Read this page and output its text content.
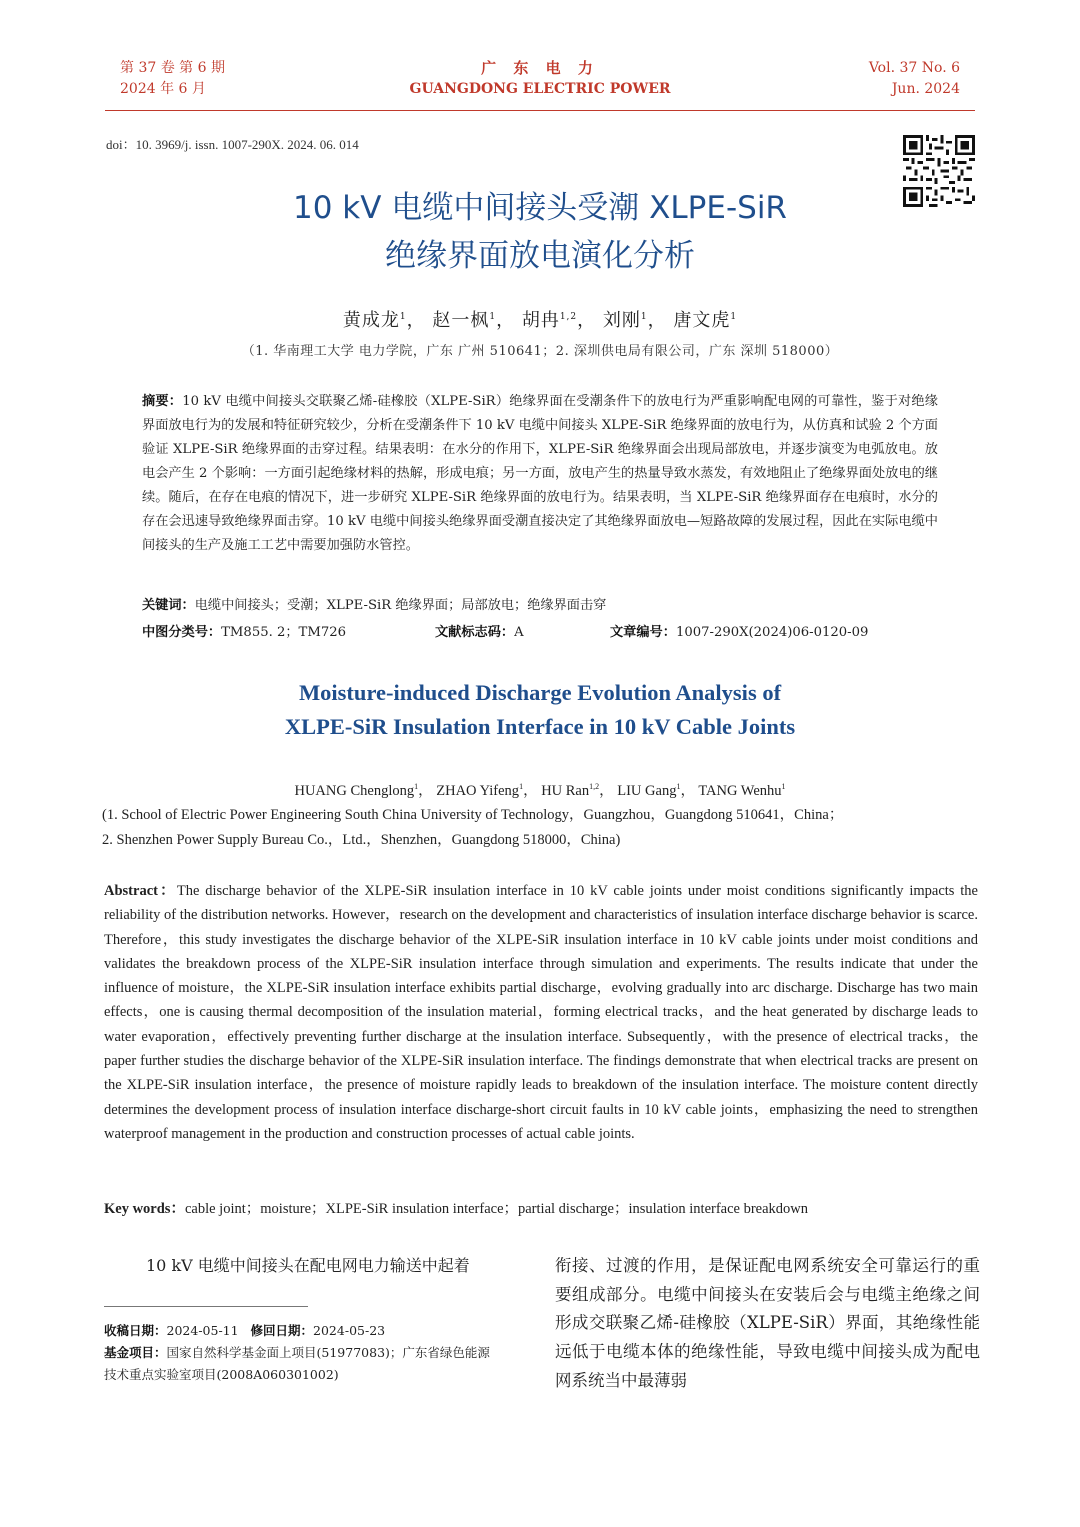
第 37 卷 第 6 期
2024 年 6 月
广 东 电 力
GUANGDONG ELECTRIC POWER
Vol. 37 No. 6
Jun. 2024
doi：10. 3969/j. issn. 1007-290X. 2024. 06. 014
10 kV 电缆中间接头受潮 XLPE-SiR
绝缘界面放电演化分析
黄成龙$^1$， 赵一枫$^1$， 胡冉$^{1,2}$， 刘刚$^1$， 唐文虎$^1$
（1. 华南理工大学 电力学院，广东 广州 510641；2. 深圳供电局有限公司，广东 深圳 518000）
摘要：10 kV 电缆中间接头交联聚乙烯-硅橡胶（XLPE-SiR）绝缘界面在受潮条件下的放电行为严重影响配电网的可靠性，鉴于对绝缘界面放电行为的发展和特征研究较少，分析在受潮条件下 10 kV 电缆中间接头 XLPE-SiR 绝缘界面的放电行为，从仿真和试验 2 个方面验证 XLPE-SiR 绝缘界面的击穿过程。结果表明：在水分的作用下，XLPE-SiR 绝缘界面会出现局部放电，并逐步演变为电弧放电。放电会产生 2 个影响：一方面引起绝缘材料的热解，形成电痕；另一方面，放电产生的热量导致水蒸发，有效地阻止了绝缘界面处放电的继续。随后，在存在电痕的情况下，进一步研究 XLPE-SiR 绝缘界面的放电行为。结果表明，当 XLPE-SiR 绝缘界面存在电痕时，水分的存在会迅速导致绝缘界面击穿。10 kV 电缆中间接头绝缘界面受潮直接决定了其绝缘界面放电—短路故障的发展过程，因此在实际电缆中间接头的生产及施工工艺中需要加强防水管控。
关键词：电缆中间接头；受潮；XLPE-SiR 绝缘界面；局部放电；绝缘界面击穿
中图分类号：TM855. 2；TM726	文献标志码：A	文章编号：1007-290X(2024)06-0120-09
Moisture-induced Discharge Evolution Analysis of
XLPE-SiR Insulation Interface in 10 kV Cable Joints
HUANG Chenglong$^1$， ZHAO Yifeng$^1$， HU Ran$^{1,2}$， LIU Gang$^1$， TANG Wenhu$^1$
(1. School of Electric Power Engineering South China University of Technology，Guangzhou，Guangdong 510641，China；
2. Shenzhen Power Supply Bureau Co.，Ltd.，Shenzhen，Guangdong 518000，China)
Abstract：The discharge behavior of the XLPE-SiR insulation interface in 10 kV cable joints under moist conditions significantly impacts the reliability of the distribution networks. However，research on the development and characteristics of insulation interface discharge behavior is scarce. Therefore，this study investigates the discharge behavior of the XLPE-SiR insulation interface in 10 kV cable joints under moist conditions and validates the breakdown process of the XLPE-SiR insulation interface through simulation and experiments. The results indicate that under the influence of moisture，the XLPE-SiR insulation interface exhibits partial discharge，evolving gradually into arc discharge. Discharge has two main effects，one is causing thermal decomposition of the insulation material，forming electrical tracks，and the heat generated by discharge leads to water evaporation，effectively preventing further discharge at the insulation interface. Subsequently，with the presence of electrical tracks，the paper further studies the discharge behavior of the XLPE-SiR insulation interface. The findings demonstrate that when electrical tracks are present on the XLPE-SiR insulation interface，the presence of moisture rapidly leads to breakdown of the insulation interface. The moisture content directly determines the development process of insulation interface discharge-short circuit faults in 10 kV cable joints，emphasizing the need to strengthen waterproof management in the production and construction processes of actual cable joints.
Key words：cable joint；moisture；XLPE-SiR insulation interface；partial discharge；insulation interface breakdown
10 kV 电缆中间接头在配电网电力输送中起着
收稿日期：2024-05-11 修回日期：2024-05-23
基金项目：国家自然科学基金面上项目(51977083)；广东省绿色能源技术重点实验室项目(2008A060301002)
衔接、过渡的作用，是保证配电网系统安全可靠运行的重要组成部分。电缆中间接头在安装后会与电缆主绝缘之间形成交联聚乙烯-硅橡胶（XLPE-SiR）界面，其绝缘性能远低于电缆本体的绝缘性能，导致电缆中间接头成为配电网系统当中最薄弱
